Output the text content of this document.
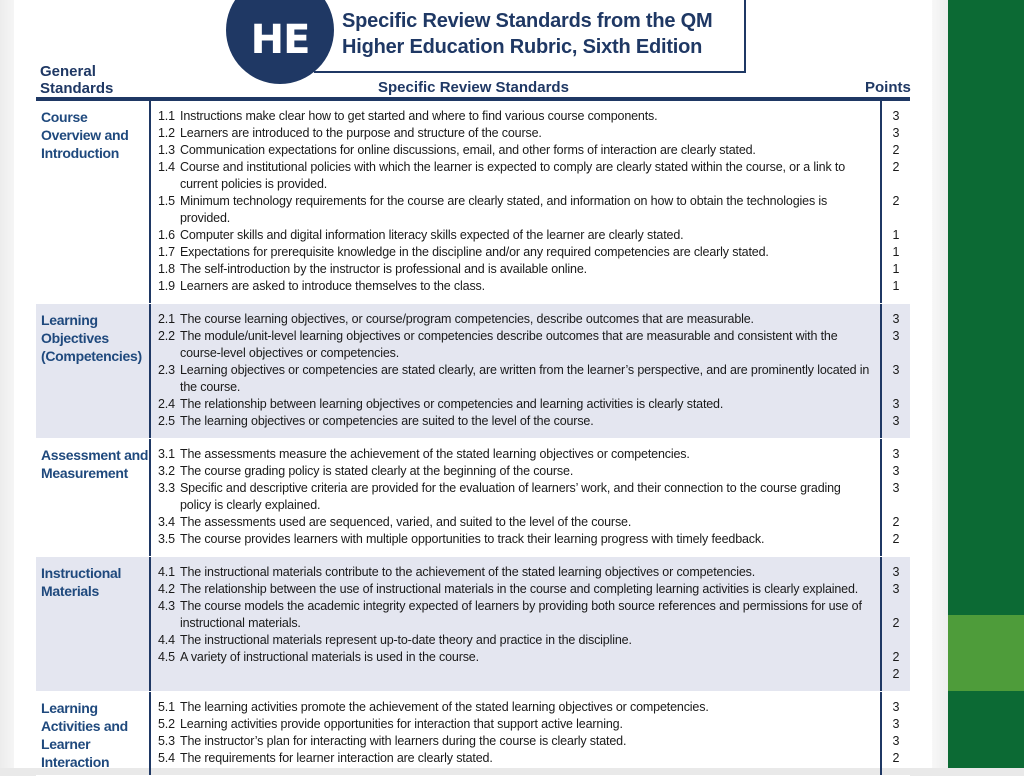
HE Specific Review Standards from the QM
Higher Education Rubric, Sixth Edition
General Standards	Specific Review Standards	Points
Course Overview and Introduction
1.1 Instructions make clear how to get started and where to find various course components.
1.2 Learners are introduced to the purpose and structure of the course.
1.3 Communication expectations for online discussions, email, and other forms of interaction are clearly stated.
1.4 Course and institutional policies with which the learner is expected to comply are clearly stated within the course, or a link to current policies is provided.
1.5 Minimum technology requirements for the course are clearly stated, and information on how to obtain the technologies is provided.
1.6 Computer skills and digital information literacy skills expected of the learner are clearly stated.
1.7 Expectations for prerequisite knowledge in the discipline and/or any required competencies are clearly stated.
1.8 The self-introduction by the instructor is professional and is available online.
1.9 Learners are asked to introduce themselves to the class.
3
3
2
2
2
1
1
1
1
Learning Objectives (Competencies)
2.1 The course learning objectives, or course/program competencies, describe outcomes that are measurable.
2.2 The module/unit-level learning objectives or competencies describe outcomes that are measurable and consistent with the course-level objectives or competencies.
2.3 Learning objectives or competencies are stated clearly, are written from the learner’s perspective, and are prominently located in the course.
2.4 The relationship between learning objectives or competencies and learning activities is clearly stated.
2.5 The learning objectives or competencies are suited to the level of the course.
3
3
3
3
3
Assessment and Measurement
3.1 The assessments measure the achievement of the stated learning objectives or competencies.
3.2 The course grading policy is stated clearly at the beginning of the course.
3.3 Specific and descriptive criteria are provided for the evaluation of learners’ work, and their connection to the course grading policy is clearly explained.
3.4 The assessments used are sequenced, varied, and suited to the level of the course.
3.5 The course provides learners with multiple opportunities to track their learning progress with timely feedback.
3
3
3
2
2
Instructional Materials
4.1 The instructional materials contribute to the achievement of the stated learning objectives or competencies.
4.2 The relationship between the use of instructional materials in the course and completing learning activities is clearly explained.
4.3 The course models the academic integrity expected of learners by providing both source references and permissions for use of instructional materials.
4.4 The instructional materials represent up-to-date theory and practice in the discipline.
4.5 A variety of instructional materials is used in the course.
3
3
2
2
2
Learning Activities and Learner Interaction
5.1 The learning activities promote the achievement of the stated learning objectives or competencies.
5.2 Learning activities provide opportunities for interaction that support active learning.
5.3 The instructor’s plan for interacting with learners during the course is clearly stated.
5.4 The requirements for learner interaction are clearly stated.
3
3
3
2
